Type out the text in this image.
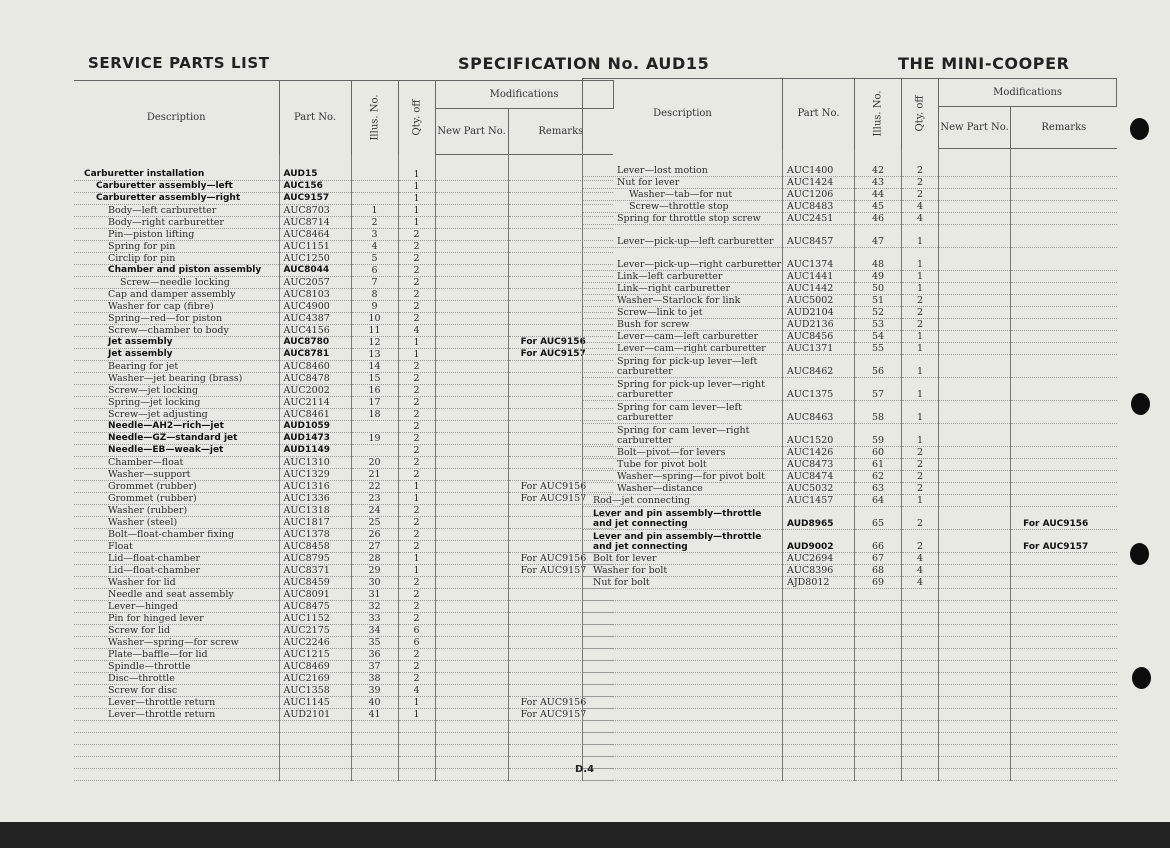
SERVICE PARTS LIST	SPECIFICATION No. AUD15	THE MINI-COOPER
Description	Part No.	Illus. No.	Qty. off	Modifications	
				New Part No.	Remarks

Carburetter installation	AUD15		1		
Carburetter assembly—left	AUC156		1		
Carburetter assembly—right	AUC9157		1		
Body—left carburetter	AUC8703	1	1		
Body—right carburetter	AUC8714	2	1		
Pin—piston lifting	AUC8464	3	2		
Spring for pin	AUC1151	4	2		
Circlip for pin	AUC1250	5	2		
Chamber and piston assembly	AUC8044	6	2		
Screw—needle locking	AUC2057	7	2		
Cap and damper assembly	AUC8103	8	2		
Washer for cap (fibre)	AUC4900	9	2		
Spring—red—for piston	AUC4387	10	2		
Screw—chamber to body	AUC4156	11	4		
Jet assembly	AUC8780	12	1		For AUC9156
Jet assembly	AUC8781	13	1		For AUC9157
Bearing for jet	AUC8460	14	2		
Washer—jet bearing (brass)	AUC8478	15	2		
Screw—jet locking	AUC2002	16	2		
Spring—jet locking	AUC2114	17	2		
Screw—jet adjusting	AUC8461	18	2		
Needle—AH2—rich—jet	AUD1059		2		
Needle—GZ—standard jet	AUD1473	19	2		
Needle—EB—weak—jet	AUD1149		2		
Chamber—float	AUC1310	20	2		
Washer—support	AUC1329	21	2		
Grommet (rubber)	AUC1316	22	1		For AUC9156
Grommet (rubber)	AUC1336	23	1		For AUC9157
Washer (rubber)	AUC1318	24	2		
Washer (steel)	AUC1817	25	2		
Bolt—float-chamber fixing	AUC1378	26	2		
Float	AUC8458	27	2		
Lid—float-chamber	AUC8795	28	1		For AUC9156
Lid—float-chamber	AUC8371	29	1		For AUC9157
Washer for lid	AUC8459	30	2		
Needle and seat assembly	AUC8091	31	2		
Lever—hinged	AUC8475	32	2		
Pin for hinged lever	AUC1152	33	2		
Screw for lid	AUC2175	34	6		
Washer—spring—for screw	AUC2246	35	6		
Plate—baffle—for lid	AUC1215	36	2		
Spindle—throttle	AUC8469	37	2		
Disc—throttle	AUC2169	38	2		
Screw for disc	AUC1358	39	4		
Lever—throttle return	AUC1145	40	1		For AUC9156
Lever—throttle return	AUD2101	41	1		For AUC9157

Description	Part No.	Illus. No.	Qty. off	Modifications	
				New Part No.	Remarks

Lever—lost motion	AUC1400	42	2		
Nut for lever	AUC1424	43	2		
Washer—tab—for nut	AUC1206	44	2		
Screw—throttle stop	AUC8483	45	4		
Spring for throttle stop screw	AUC2451	46	4		
Lever—pick-up—left carburetter	AUC8457	47	1		
Lever—pick-up—right carburetter	AUC1374	48	1		
Link—left carburetter	AUC1441	49	1		
Link—right carburetter	AUC1442	50	1		
Washer—Starlock for link	AUC5002	51	2		
Screw—link to jet	AUD2104	52	2		
Bush for screw	AUD2136	53	2		
Lever—cam—left carburetter	AUC8456	54	1		
Lever—cam—right carburetter	AUC1371	55	1		
Spring for pick-up lever—left carburetter	AUC8462	56	1		
Spring for pick-up lever—right carburetter	AUC1375	57	1		
Spring for cam lever—left carburetter	AUC8463	58	1		
Spring for cam lever—right carburetter	AUC1520	59	1		
Bolt—pivot—for levers	AUC1426	60	2		
Tube for pivot bolt	AUC8473	61	2		
Washer—spring—for pivot bolt	AUC8474	62	2		
Washer—distance	AUC5032	63	2		
Rod—jet connecting	AUC1457	64	1		
Lever and pin assembly—throttle and jet connecting	AUD8965	65	2		For AUC9156
Lever and pin assembly—throttle and jet connecting	AUD9002	66	2		For AUC9157
Bolt for lever	AUC2694	67	4		
Washer for bolt	AUC8396	68	4		
Nut for bolt	AJD8012	69	4		

D.4
